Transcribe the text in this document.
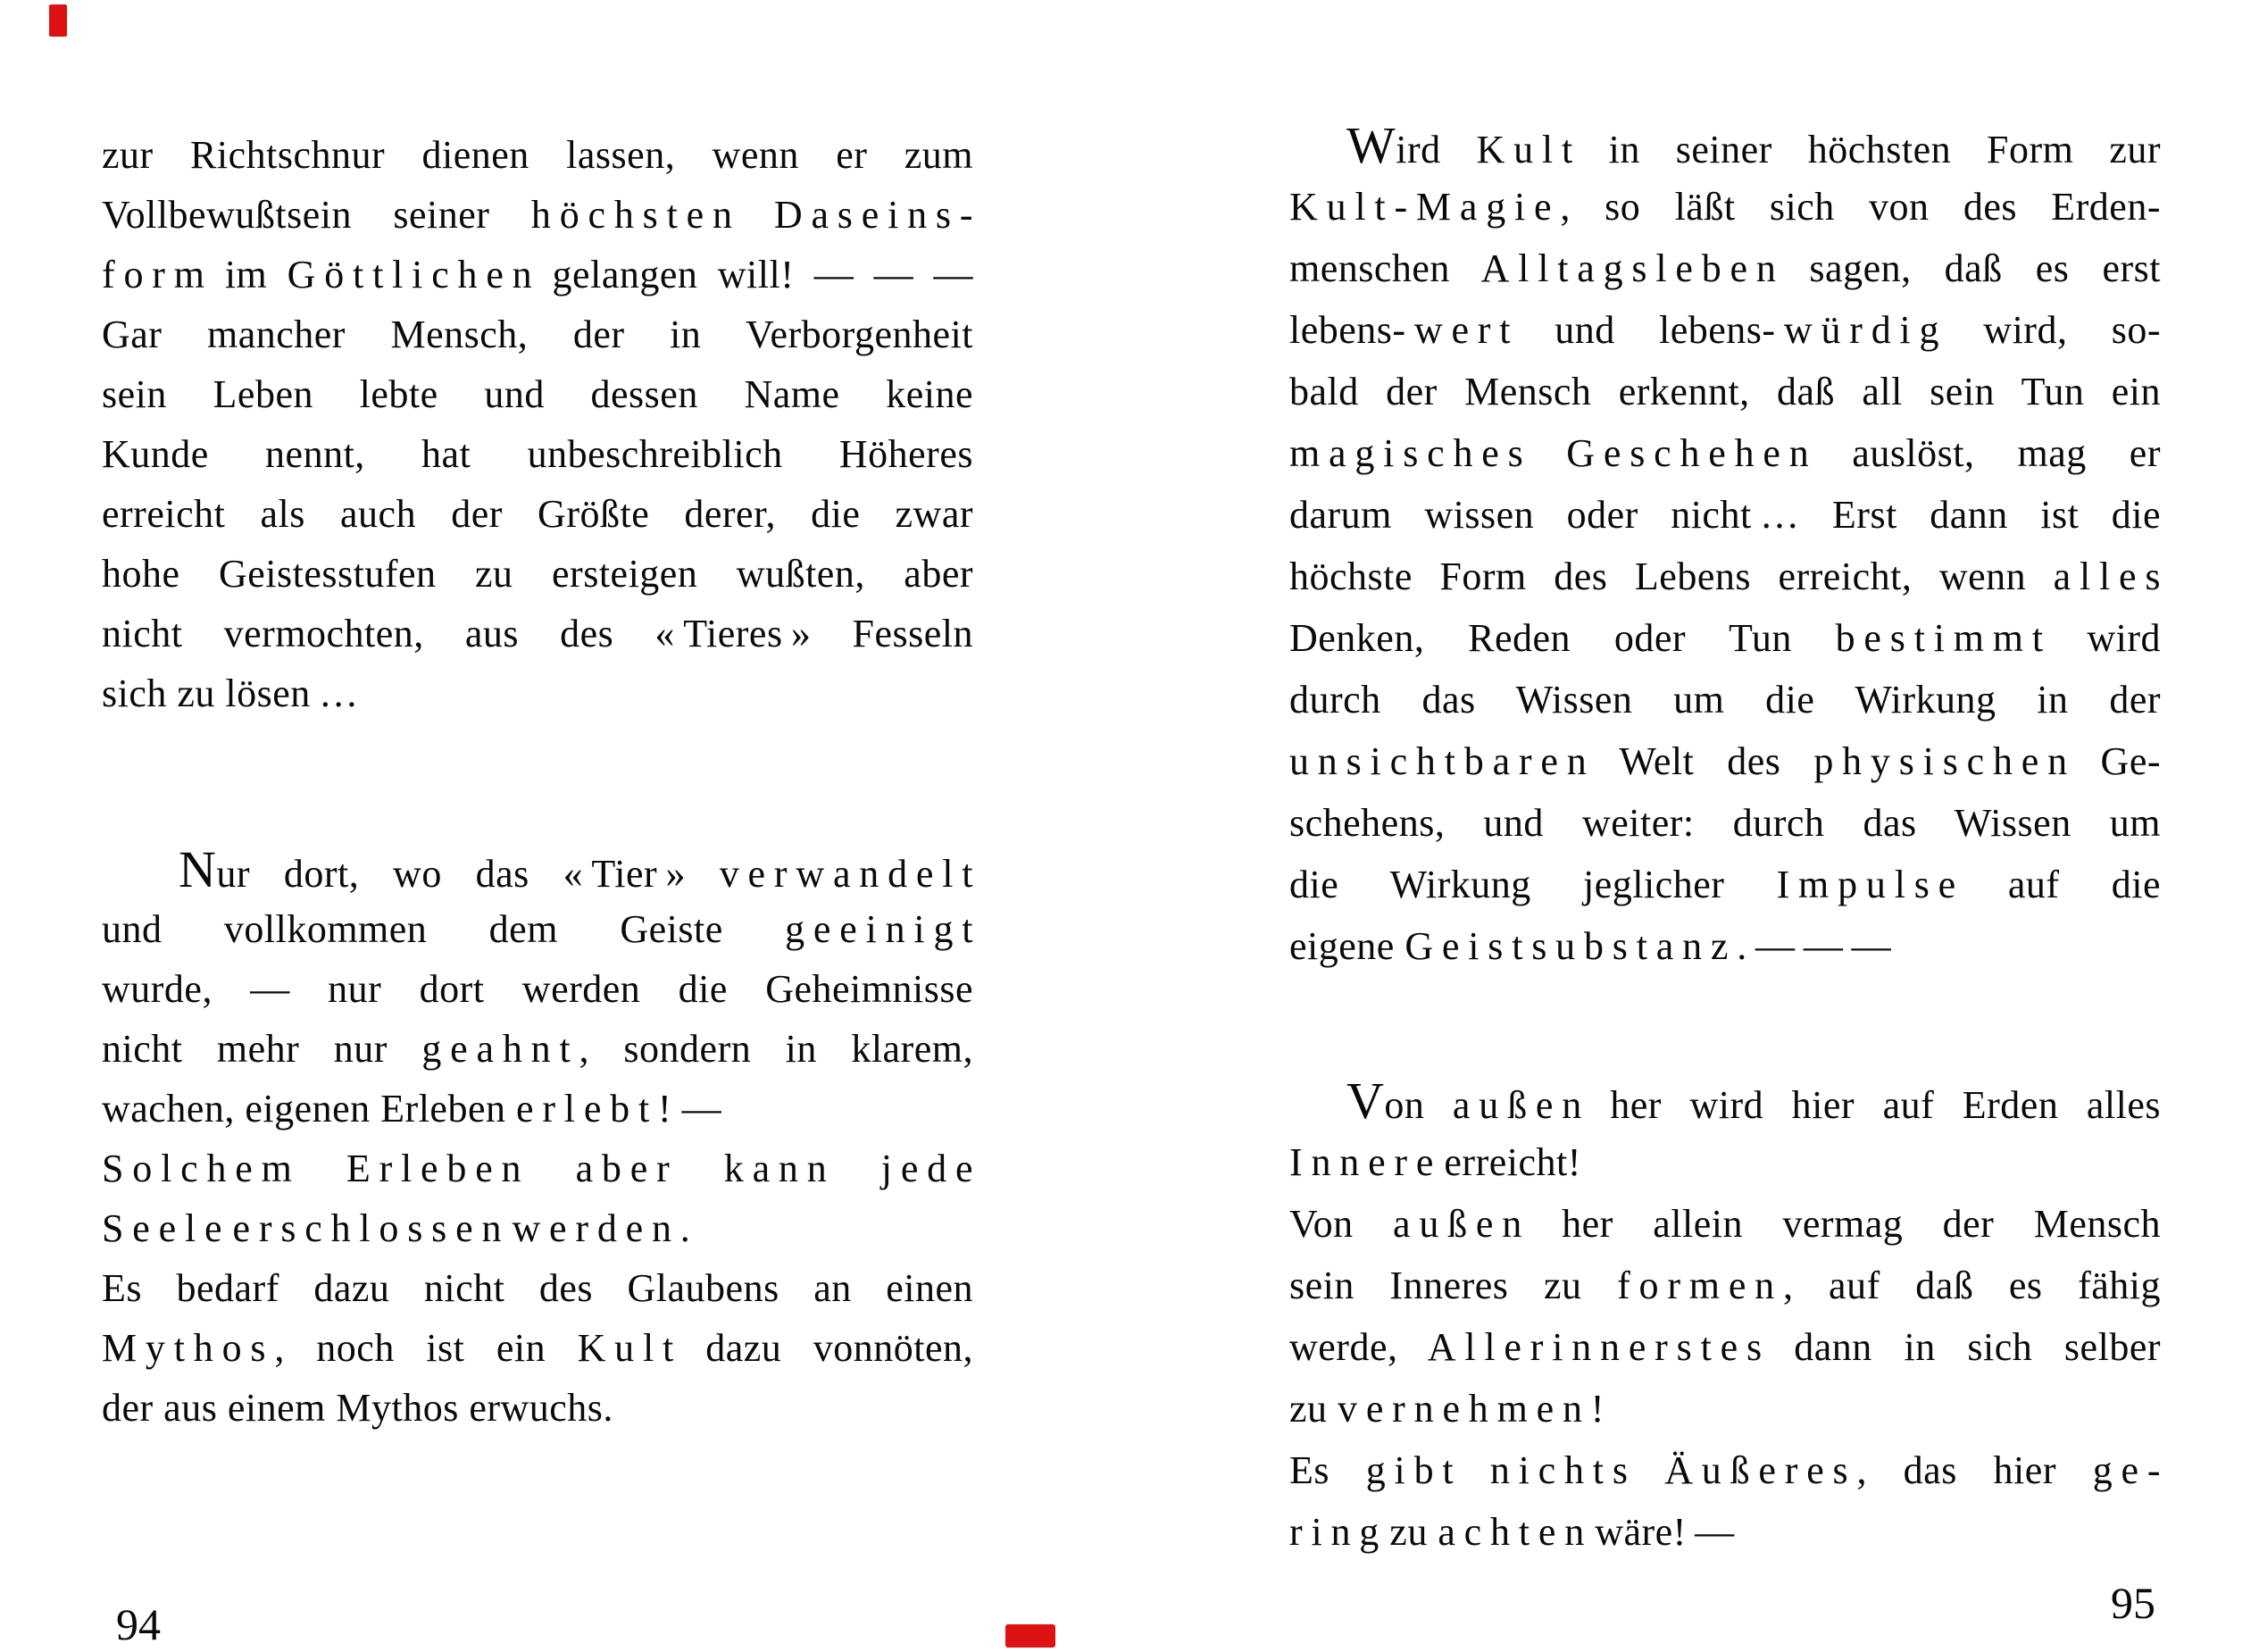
zur Richtschnur dienen lassen, wenn er zum
Vollbewußtsein seiner h ö c h s t e n D a s e i n s -
f o r m im G ö t t l i c h e n gelangen will! — — —
Gar mancher Mensch, der in Verborgenheit
sein Leben lebte und dessen Name keine
Kunde nennt, hat unbeschreiblich Höheres
erreicht als auch der Größte derer, die zwar
hohe Geistesstufen zu ersteigen wußten, aber
nicht vermochten, aus des « Tieres » Fesseln
sich zu lösen …
Nur dort, wo das « Tier » v e r w a n d e l t
und vollkommen dem Geiste g e e i n i g t
wurde, — nur dort werden die Geheimnisse
nicht mehr nur g e a h n t , sondern in klarem,
wachen, eigenen Erleben e r l e b t ! —
S o l c h e m E r l e b e n a b e r k a n n j e d e
S e e l e e r s c h l o s s e n w e r d e n .
Es bedarf dazu nicht des Glaubens an einen
M y t h o s , noch ist ein K u l t dazu vonnöten,
der aus einem Mythos erwuchs.
Wird K u l t in seiner höchsten Form zur
K u l t - M a g i e , so läßt sich von des Erden-
menschen A l l t a g s l e b e n sagen, daß es erst
lebens- w e r t und lebens- w ü r d i g wird, so-
bald der Mensch erkennt, daß all sein Tun ein
m a g i s c h e s G e s c h e h e n auslöst, mag er
darum wissen oder nicht … Erst dann ist die
höchste Form des Lebens erreicht, wenn a l l e s
Denken, Reden oder Tun b e s t i m m t wird
durch das Wissen um die Wirkung in der
u n s i c h t b a r e n Welt des p h y s i s c h e n Ge-
schehens, und weiter: durch das Wissen um
die Wirkung jeglicher I m p u l s e auf die
eigene G e i s t s u b s t a n z . — — —
Von a u ß e n her wird hier auf Erden alles
I n n e r e erreicht!
Von a u ß e n her allein vermag der Mensch
sein Inneres zu f o r m e n , auf daß es fähig
werde, A l l e r i n n e r s t e s dann in sich selber
zu v e r n e h m e n !
Es g i b t n i c h t s Ä u ß e r e s , das hier g e -
r i n g zu a c h t e n wäre! —
94	95
